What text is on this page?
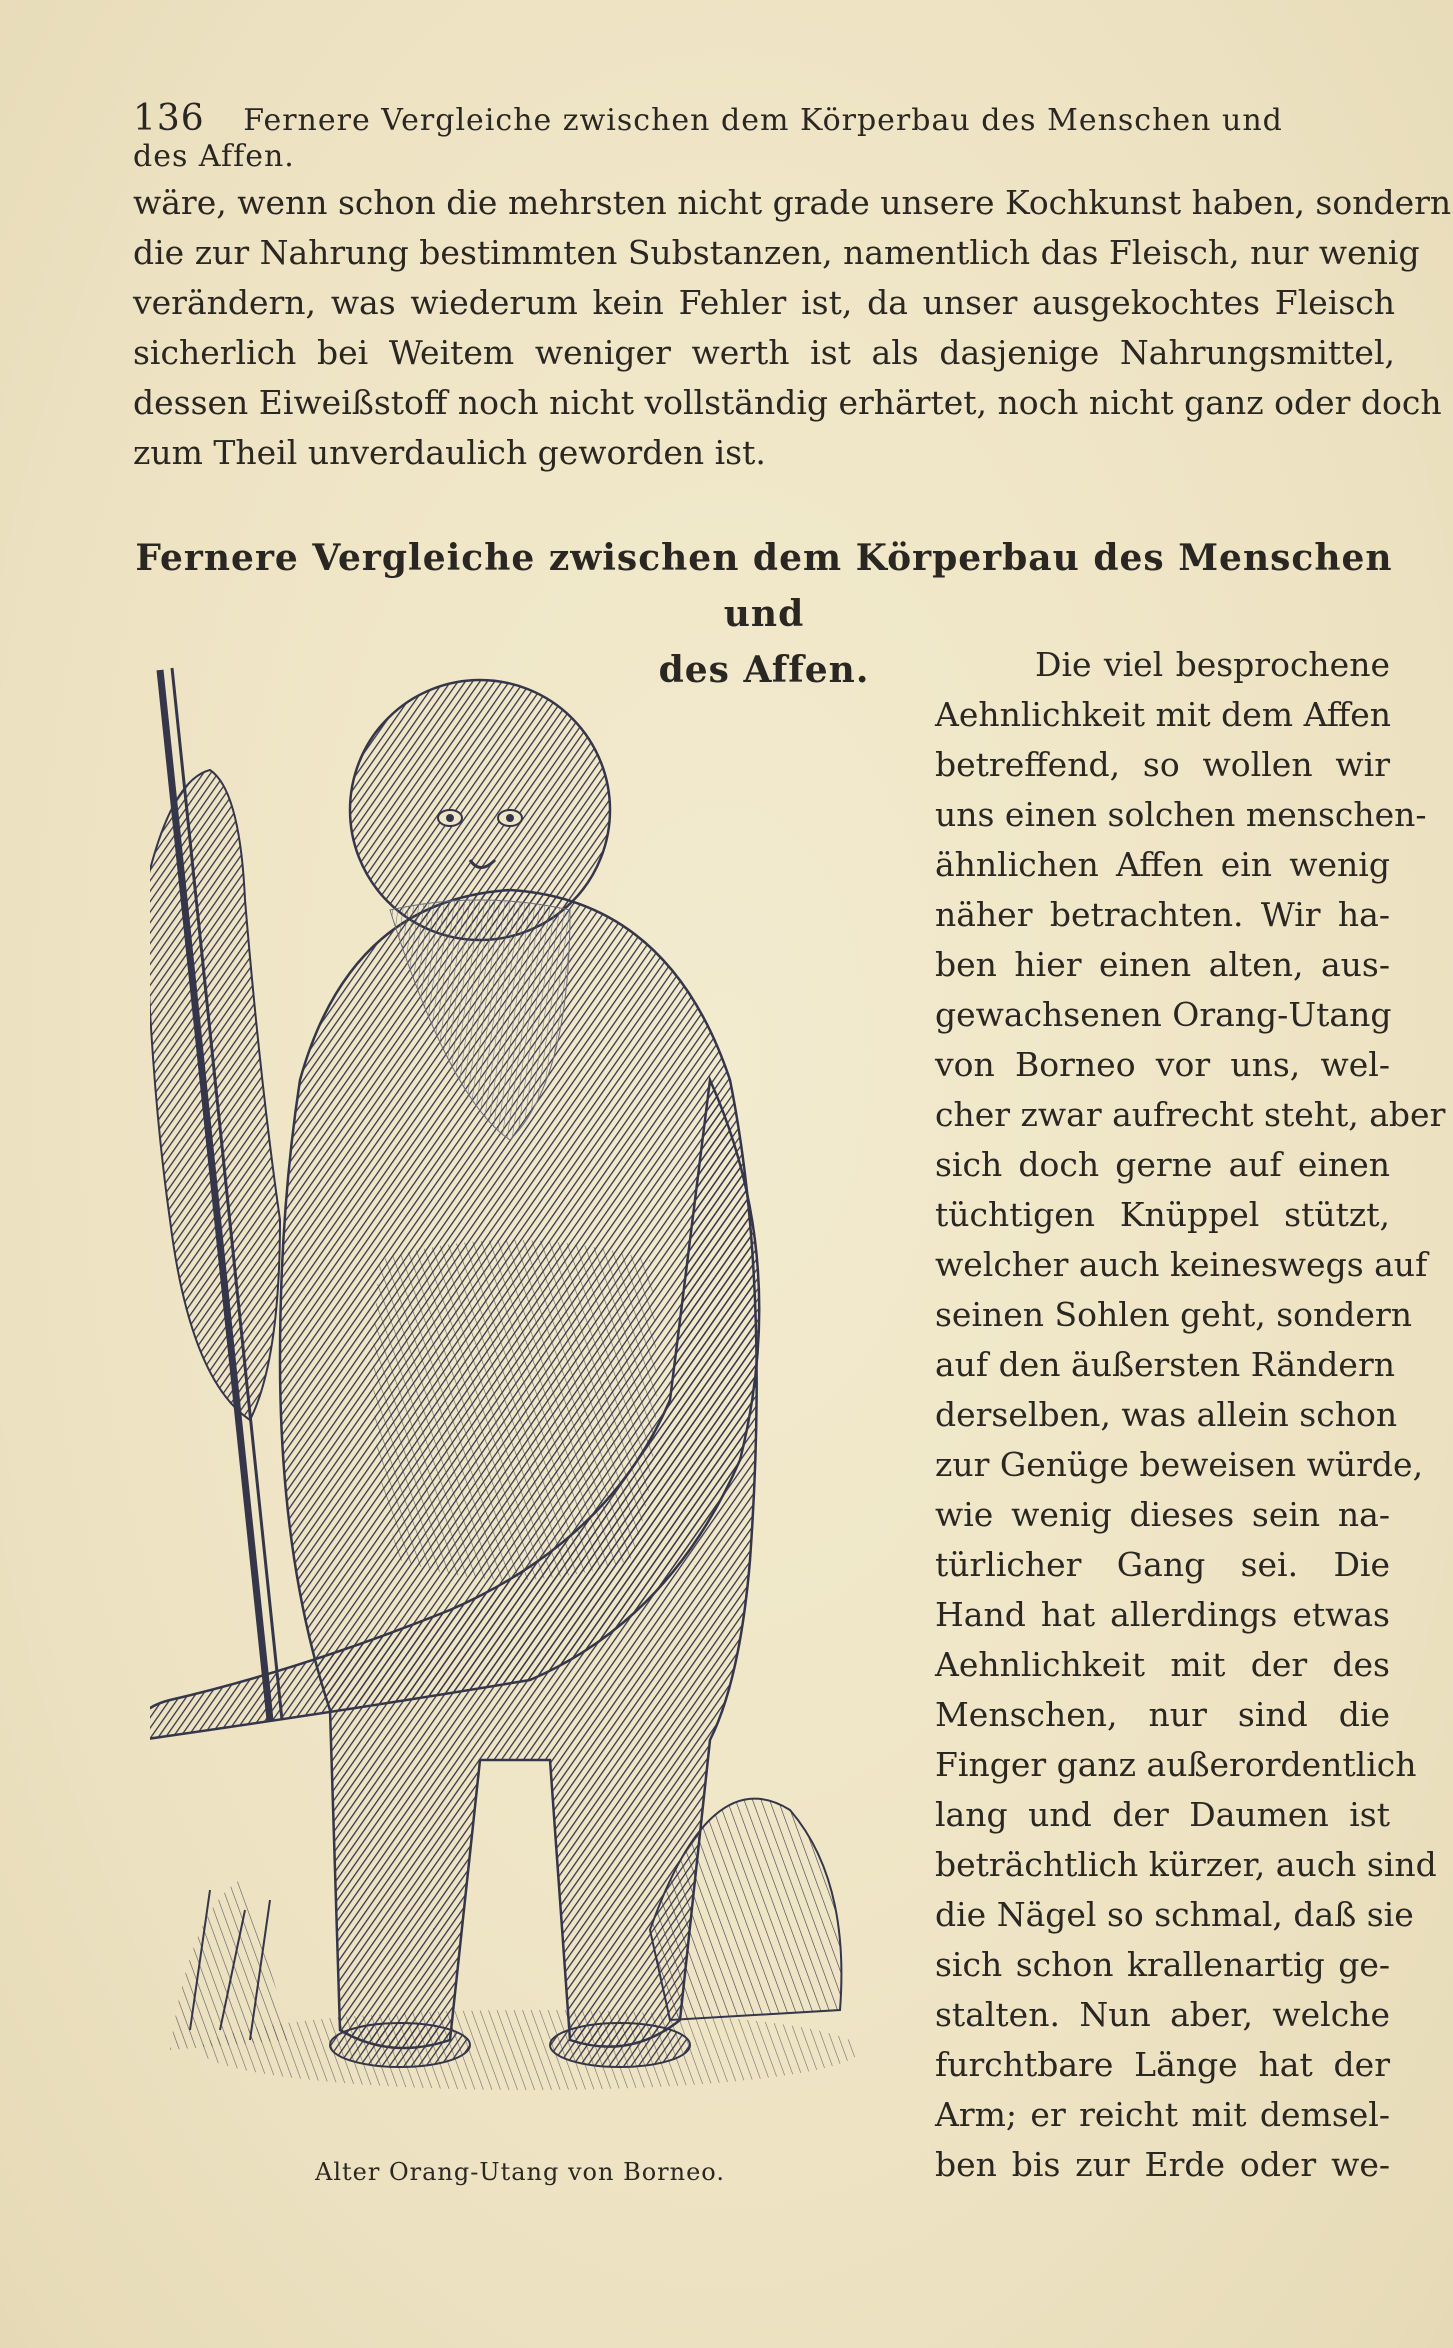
136 Fernere Vergleiche zwischen dem Körperbau des Menschen und des Affen.
wäre, wenn schon die mehrsten nicht grade unsere Kochkunst haben, sondern
die zur Nahrung bestimmten Substanzen, namentlich das Fleisch, nur wenig
verändern, was wiederum kein Fehler ist, da unser ausgekochtes Fleisch
sicherlich bei Weitem weniger werth ist als dasjenige Nahrungsmittel,
dessen Eiweißstoff noch nicht vollständig erhärtet, noch nicht ganz oder doch
zum Theil unverdaulich geworden ist.
Fernere Vergleiche zwischen dem Körperbau des Menschen und
des Affen.
Alter Orang-Utang von Borneo.
Die viel besprochene
Aehnlichkeit mit dem Affen
betreffend, so wollen wir
uns einen solchen menschen-
ähnlichen Affen ein wenig
näher betrachten. Wir ha-
ben hier einen alten, aus-
gewachsenen Orang-Utang
von Borneo vor uns, wel-
cher zwar aufrecht steht, aber
sich doch gerne auf einen
tüchtigen Knüppel stützt,
welcher auch keineswegs auf
seinen Sohlen geht, sondern
auf den äußersten Rändern
derselben, was allein schon
zur Genüge beweisen würde,
wie wenig dieses sein na-
türlicher Gang sei. Die
Hand hat allerdings etwas
Aehnlichkeit mit der des
Menschen, nur sind die
Finger ganz außerordentlich
lang und der Daumen ist
beträchtlich kürzer, auch sind
die Nägel so schmal, daß sie
sich schon krallenartig ge-
stalten. Nun aber, welche
furchtbare Länge hat der
Arm; er reicht mit demsel-
ben bis zur Erde oder we-
